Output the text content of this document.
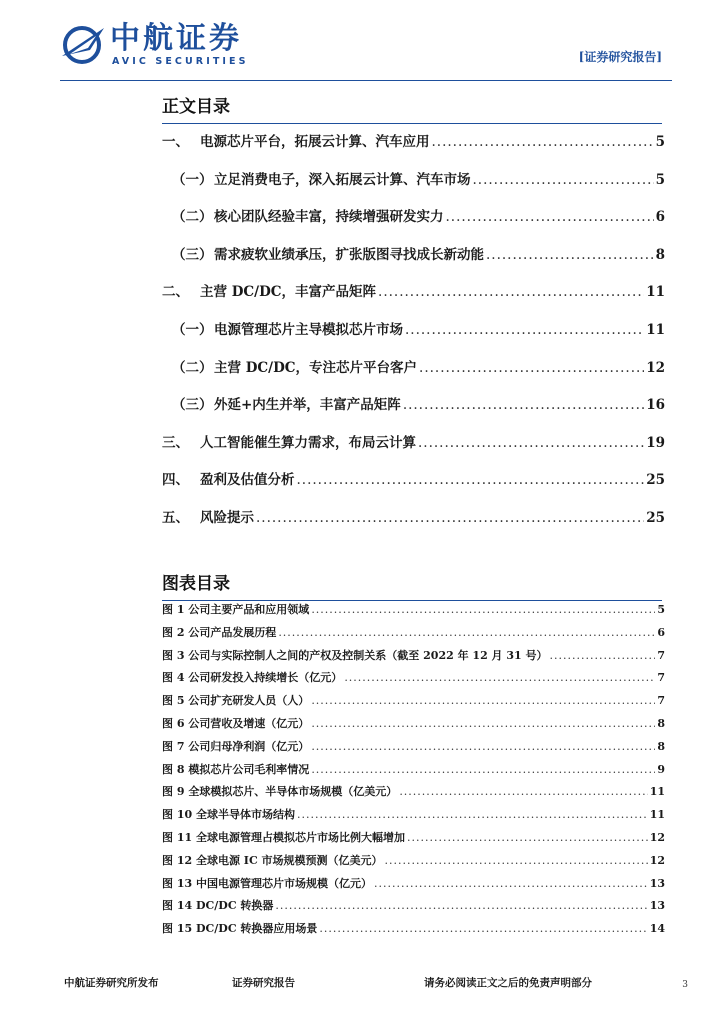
中航证券
AVIC SECURITIES	[证券研究报告]
正文目录
一、 电源芯片平台，拓展云计算、汽车应用 .....	5
（一） 立足消费电子，深入拓展云计算、汽车市场 .....	5
（二） 核心团队经验丰富，持续增强研发实力 .....	6
（三） 需求疲软业绩承压，扩张版图寻找成长新动能 .....	8
二、 主营 DC/DC，丰富产品矩阵 .....	11
（一） 电源管理芯片主导模拟芯片市场 .....	11
（二） 主营 DC/DC，专注芯片平台客户 .....	12
（三） 外延+内生并举，丰富产品矩阵 .....	16
三、 人工智能催生算力需求，布局云计算 .....	19
四、 盈利及估值分析 .....	25
五、 风险提示 .....	25
图表目录
图 1 公司主要产品和应用领域 .....	5
图 2 公司产品发展历程 .....	6
图 3 公司与实际控制人之间的产权及控制关系（截至 2022 年 12 月 31 号） .....	7
图 4 公司研发投入持续增长（亿元） .....	7
图 5 公司扩充研发人员（人） .....	7
图 6 公司营收及增速（亿元） .....	8
图 7 公司归母净利润（亿元） .....	8
图 8 模拟芯片公司毛利率情况 .....	9
图 9 全球模拟芯片、半导体市场规模（亿美元） .....	11
图 10 全球半导体市场结构 .....	11
图 11 全球电源管理占模拟芯片市场比例大幅增加 .....	12
图 12 全球电源 IC 市场规模预测（亿美元） .....	12
图 13 中国电源管理芯片市场规模（亿元） .....	13
图 14 DC/DC 转换器 .....	13
图 15 DC/DC 转换器应用场景 .....	14
中航证券研究所发布	证券研究报告	请务必阅读正文之后的免责声明部分	3
